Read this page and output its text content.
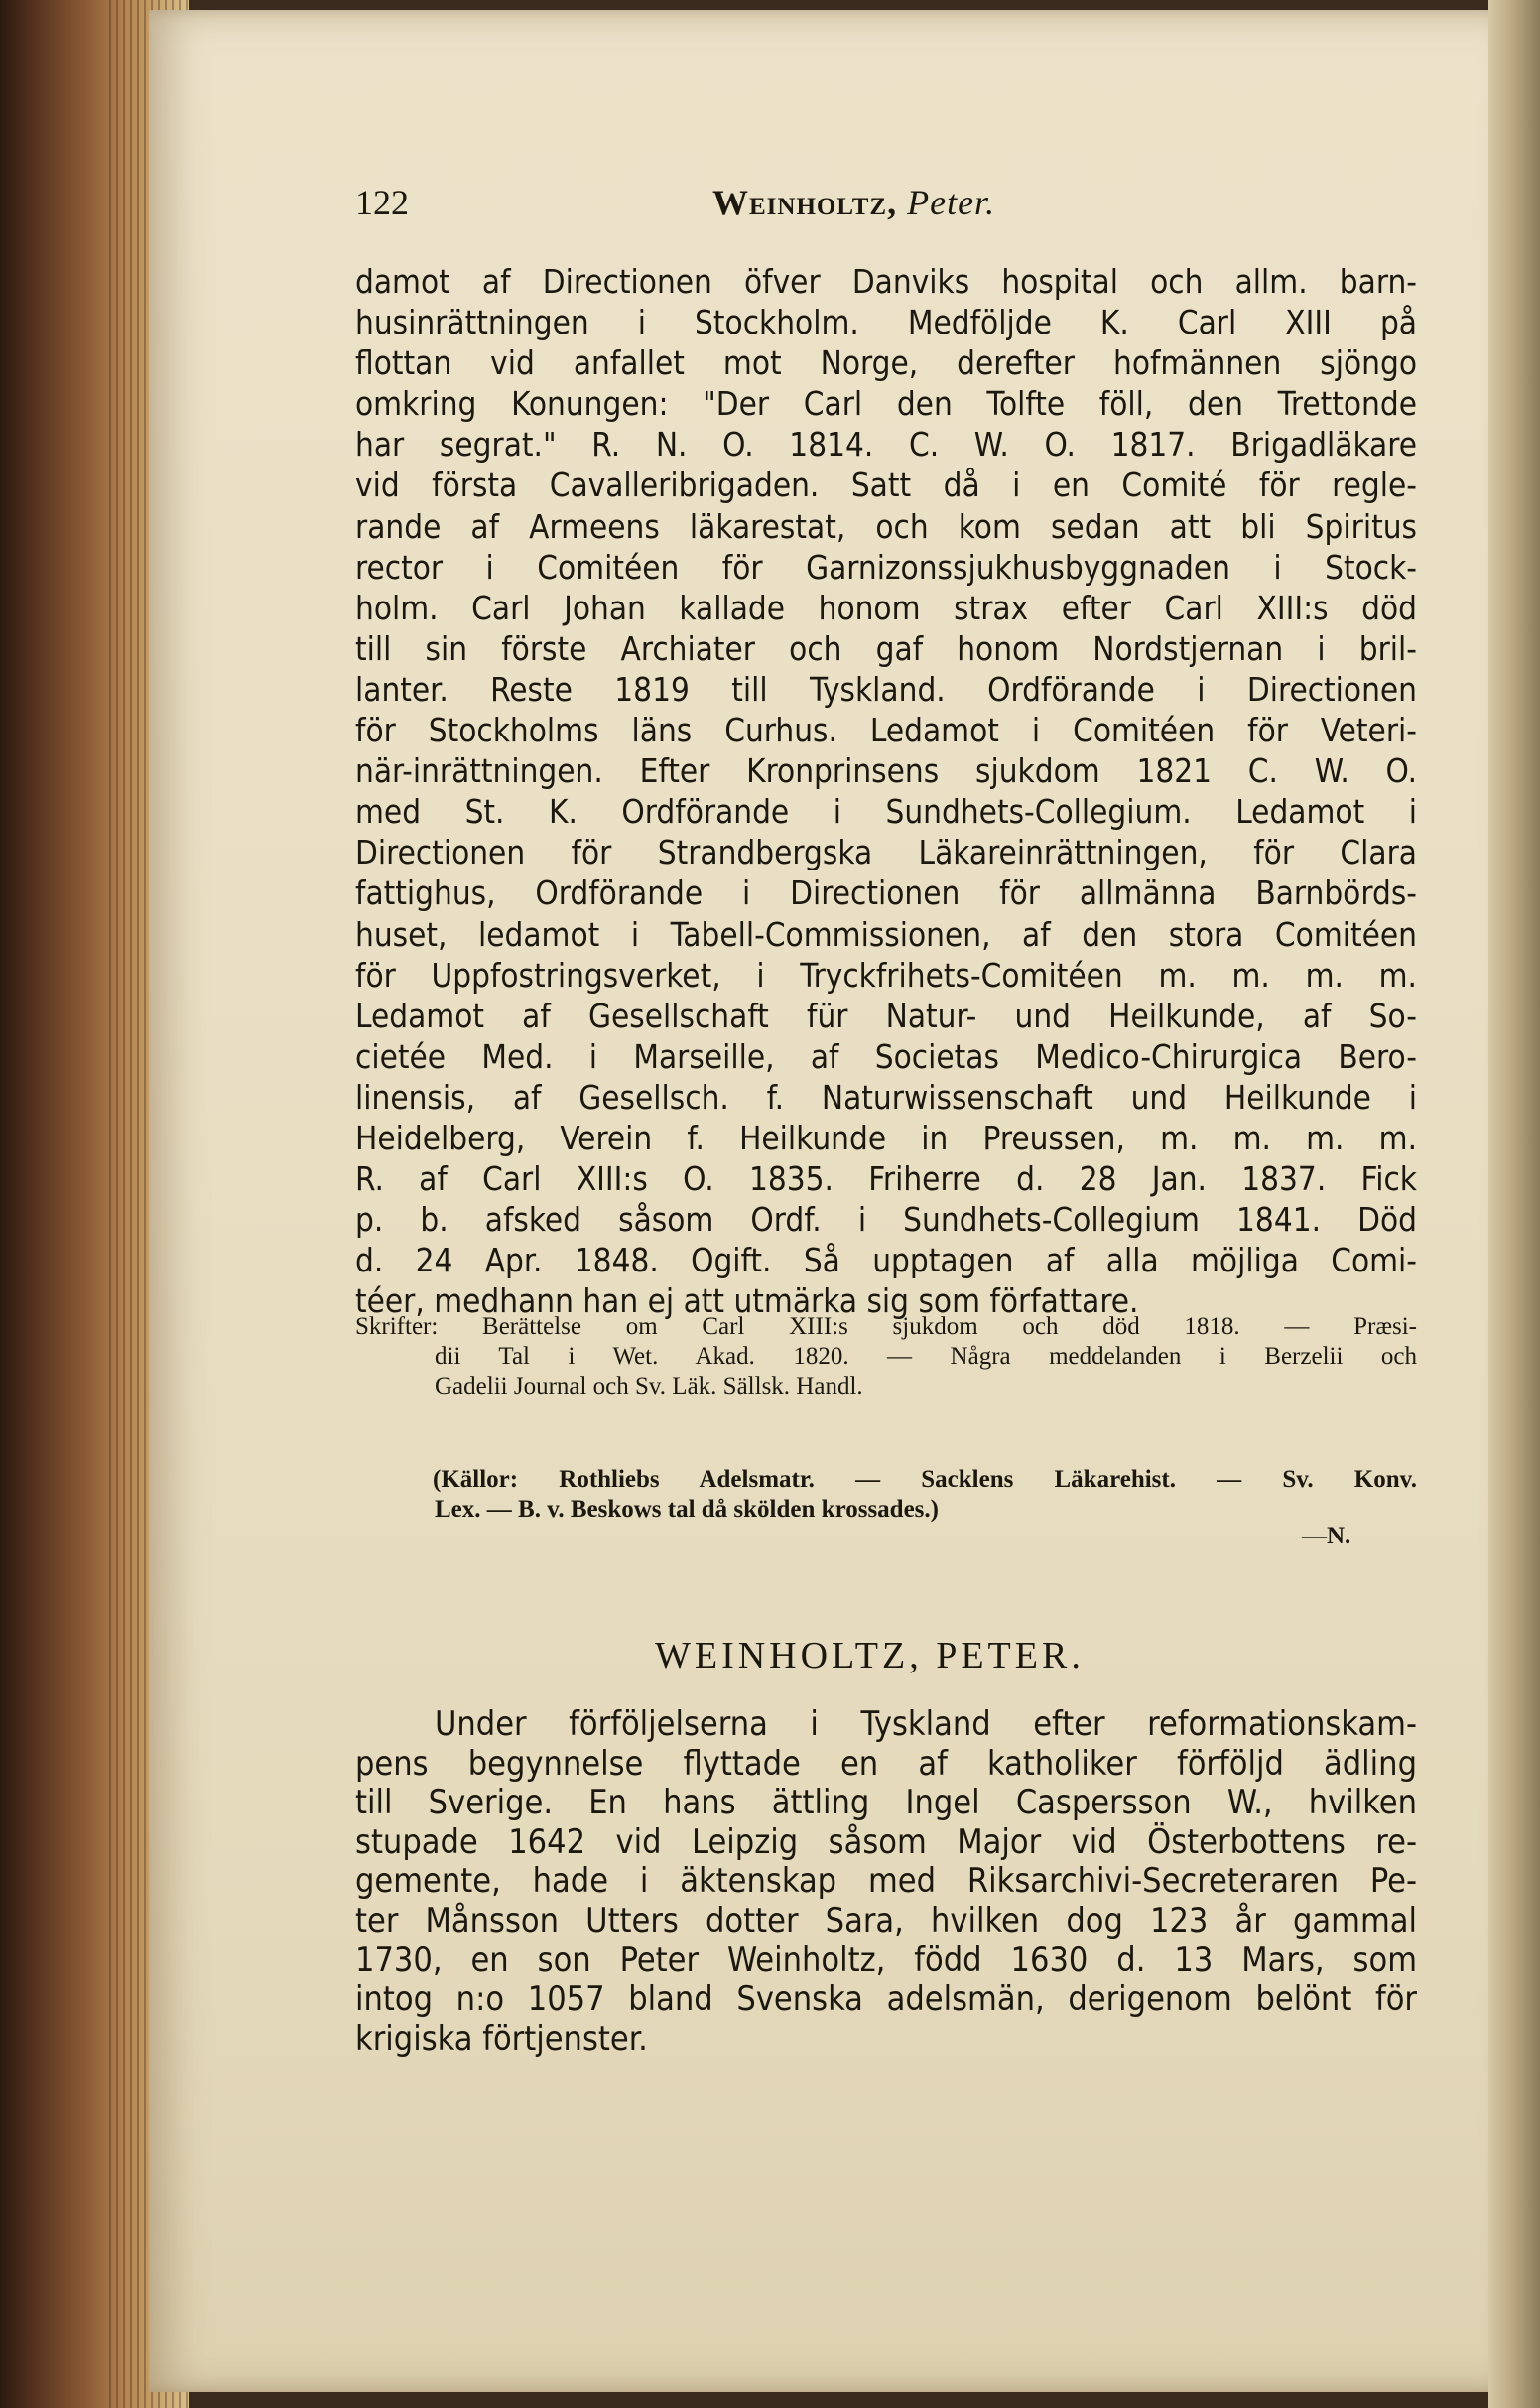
122	Weinholtz, Peter.
damot af Directionen öfver Danviks hospital och allm. barn-
husinrättningen i Stockholm. Medföljde K. Carl XIII på
flottan vid anfallet mot Norge, derefter hofmännen sjöngo
omkring Konungen: "Der Carl den Tolfte föll, den Trettonde
har segrat." R. N. O. 1814. C. W. O. 1817. Brigadläkare
vid första Cavalleribrigaden. Satt då i en Comité för regle-
rande af Armeens läkarestat, och kom sedan att bli Spiritus
rector i Comitéen för Garnizonssjukhusbyggnaden i Stock-
holm. Carl Johan kallade honom strax efter Carl XIII:s död
till sin förste Archiater och gaf honom Nordstjernan i bril-
lanter. Reste 1819 till Tyskland. Ordförande i Directionen
för Stockholms läns Curhus. Ledamot i Comitéen för Veteri-
när-inrättningen. Efter Kronprinsens sjukdom 1821 C. W. O.
med St. K. Ordförande i Sundhets-Collegium. Ledamot i
Directionen för Strandbergska Läkareinrättningen, för Clara
fattighus, Ordförande i Directionen för allmänna Barnbörds-
huset, ledamot i Tabell-Commissionen, af den stora Comitéen
för Uppfostringsverket, i Tryckfrihets-Comitéen m. m. m. m.
Ledamot af Gesellschaft für Natur- und Heilkunde, af So-
cietée Med. i Marseille, af Societas Medico-Chirurgica Bero-
linensis, af Gesellsch. f. Naturwissenschaft und Heilkunde i
Heidelberg, Verein f. Heilkunde in Preussen, m. m. m. m.
R. af Carl XIII:s O. 1835. Friherre d. 28 Jan. 1837. Fick
p. b. afsked såsom Ordf. i Sundhets-Collegium 1841. Död
d. 24 Apr. 1848. Ogift. Så upptagen af alla möjliga Comi-
téer, medhann han ej att utmärka sig som författare.
Skrifter: Berättelse om Carl XIII:s sjukdom och död 1818. — Præsi-
dii Tal i Wet. Akad. 1820. — Några meddelanden i Berzelii och
Gadelii Journal och Sv. Läk. Sällsk. Handl.
(Källor: Rothliebs Adelsmatr. — Sacklens Läkarehist. — Sv. Konv.
Lex. — B. v. Beskows tal då skölden krossades.)
—N.
WEINHOLTZ, PETER.
Under förföljelserna i Tyskland efter reformationskam-
pens begynnelse flyttade en af katholiker förföljd ädling
till Sverige. En hans ättling Ingel Caspersson W., hvilken
stupade 1642 vid Leipzig såsom Major vid Österbottens re-
gemente, hade i äktenskap med Riksarchivi-Secreteraren Pe-
ter Månsson Utters dotter Sara, hvilken dog 123 år gammal
1730, en son Peter Weinholtz, född 1630 d. 13 Mars, som
intog n:o 1057 bland Svenska adelsmän, derigenom belönt för
krigiska förtjenster.
